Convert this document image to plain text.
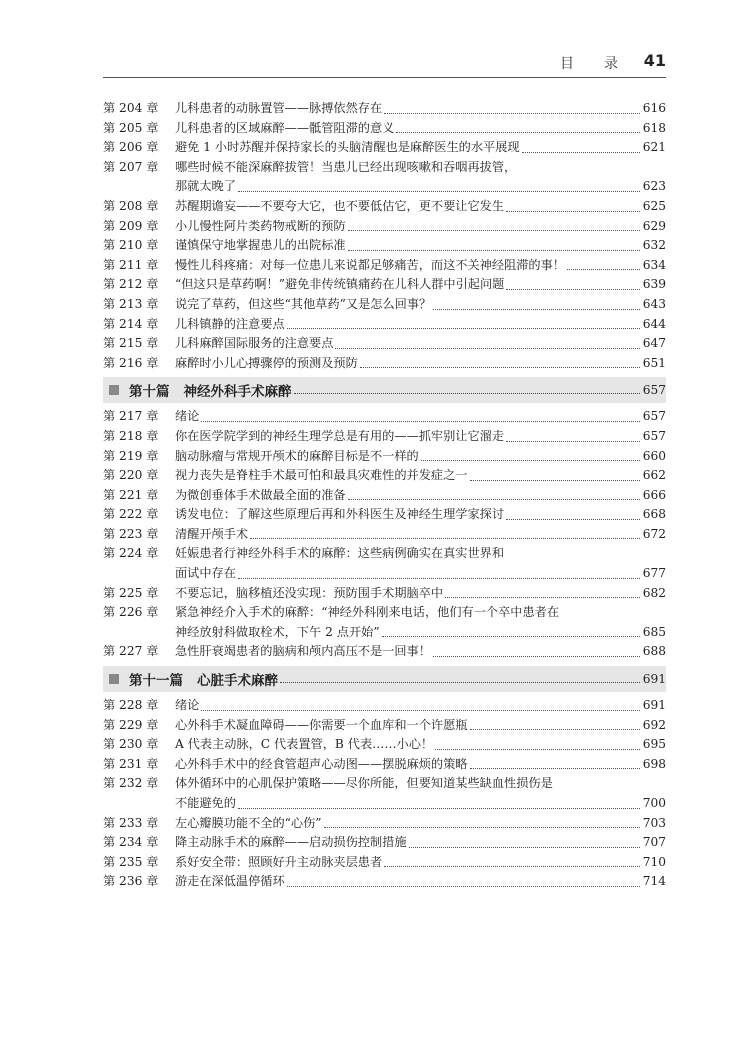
目　录 41
第 204 章	儿科患者的动脉置管——脉搏依然存在	616
第 205 章	儿科患者的区域麻醉——骶管阻滞的意义	618
第 206 章	避免 1 小时苏醒并保持家长的头脑清醒也是麻醉医生的水平展现	621
第 207 章	哪些时候不能深麻醉拔管！当患儿已经出现咳嗽和吞咽再拔管，
那就太晚了	623
第 208 章	苏醒期谵妄——不要夸大它，也不要低估它，更不要让它发生	625
第 209 章	小儿慢性阿片类药物戒断的预防	629
第 210 章	谨慎保守地掌握患儿的出院标准	632
第 211 章	慢性儿科疼痛：对每一位患儿来说都足够痛苦，而这不关神经阻滞的事！	634
第 212 章	“但这只是草药啊！”避免非传统镇痛药在儿科人群中引起问题	639
第 213 章	说完了草药，但这些“其他草药”又是怎么回事？	643
第 214 章	儿科镇静的注意要点	644
第 215 章	儿科麻醉国际服务的注意要点	647
第 216 章	麻醉时小儿心搏骤停的预测及预防	651
第十篇 神经外科手术麻醉	657
第 217 章	绪论	657
第 218 章	你在医学院学到的神经生理学总是有用的——抓牢别让它溜走	657
第 219 章	脑动脉瘤与常规开颅术的麻醉目标是不一样的	660
第 220 章	视力丧失是脊柱手术最可怕和最具灾难性的并发症之一	662
第 221 章	为微创垂体手术做最全面的准备	666
第 222 章	诱发电位：了解这些原理后再和外科医生及神经生理学家探讨	668
第 223 章	清醒开颅手术	672
第 224 章	妊娠患者行神经外科手术的麻醉：这些病例确实在真实世界和
面试中存在	677
第 225 章	不要忘记，脑移植还没实现：预防围手术期脑卒中	682
第 226 章	紧急神经介入手术的麻醉：“神经外科刚来电话，他们有一个卒中患者在
神经放射科做取栓术，下午 2 点开始”	685
第 227 章	急性肝衰竭患者的脑病和颅内高压不是一回事！	688
第十一篇 心脏手术麻醉	691
第 228 章	绪论	691
第 229 章	心外科手术凝血障碍——你需要一个血库和一个许愿瓶	692
第 230 章	A 代表主动脉，C 代表置管，B 代表……小心！	695
第 231 章	心外科手术中的经食管超声心动图——摆脱麻烦的策略	698
第 232 章	体外循环中的心肌保护策略——尽你所能，但要知道某些缺血性损伤是
不能避免的	700
第 233 章	左心瓣膜功能不全的“心伤”	703
第 234 章	降主动脉手术的麻醉——启动损伤控制措施	707
第 235 章	系好安全带：照顾好升主动脉夹层患者	710
第 236 章	游走在深低温停循环	714
